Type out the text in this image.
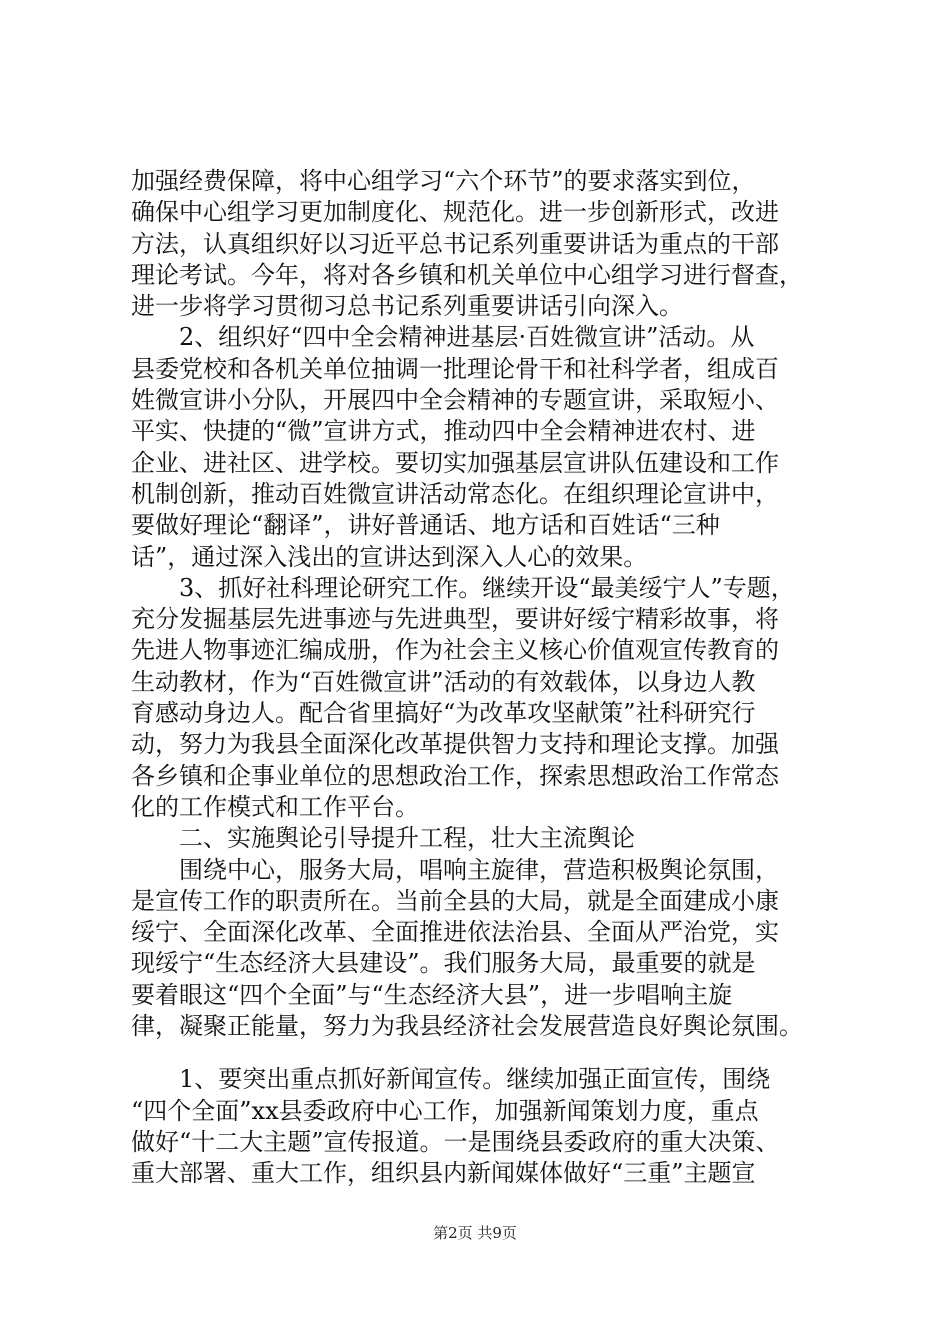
加强经费保障，将中心组学习“六个环节”的要求落实到位，
确保中心组学习更加制度化、规范化。进一步创新形式，改进
方法，认真组织好以习近平总书记系列重要讲话为重点的干部
理论考试。今年，将对各乡镇和机关单位中心组学习进行督查，
进一步将学习贯彻习总书记系列重要讲话引向深入。
2、组织好“四中全会精神进基层·百姓微宣讲”活动。从
县委党校和各机关单位抽调一批理论骨干和社科学者，组成百
姓微宣讲小分队，开展四中全会精神的专题宣讲，采取短小、
平实、快捷的“微”宣讲方式，推动四中全会精神进农村、进
企业、进社区、进学校。要切实加强基层宣讲队伍建设和工作
机制创新，推动百姓微宣讲活动常态化。在组织理论宣讲中，
要做好理论“翻译”，讲好普通话、地方话和百姓话“三种
话”，通过深入浅出的宣讲达到深入人心的效果。
3、抓好社科理论研究工作。继续开设“最美绥宁人”专题，
充分发掘基层先进事迹与先进典型，要讲好绥宁精彩故事，将
先进人物事迹汇编成册，作为社会主义核心价值观宣传教育的
生动教材，作为“百姓微宣讲”活动的有效载体，以身边人教
育感动身边人。配合省里搞好“为改革攻坚献策”社科研究行
动，努力为我县全面深化改革提供智力支持和理论支撑。加强
各乡镇和企事业单位的思想政治工作，探索思想政治工作常态
化的工作模式和工作平台。
二、实施舆论引导提升工程，壮大主流舆论
围绕中心，服务大局，唱响主旋律，营造积极舆论氛围，
是宣传工作的职责所在。当前全县的大局，就是全面建成小康
绥宁、全面深化改革、全面推进依法治县、全面从严治党，实
现绥宁“生态经济大县建设”。我们服务大局，最重要的就是
要着眼这“四个全面”与“生态经济大县”，进一步唱响主旋
律，凝聚正能量，努力为我县经济社会发展营造良好舆论氛围。
1、要突出重点抓好新闻宣传。继续加强正面宣传，围绕
“四个全面”xx县委政府中心工作，加强新闻策划力度，重点
做好“十二大主题”宣传报道。一是围绕县委政府的重大决策、
重大部署、重大工作，组织县内新闻媒体做好“三重”主题宣
第2页 共9页
